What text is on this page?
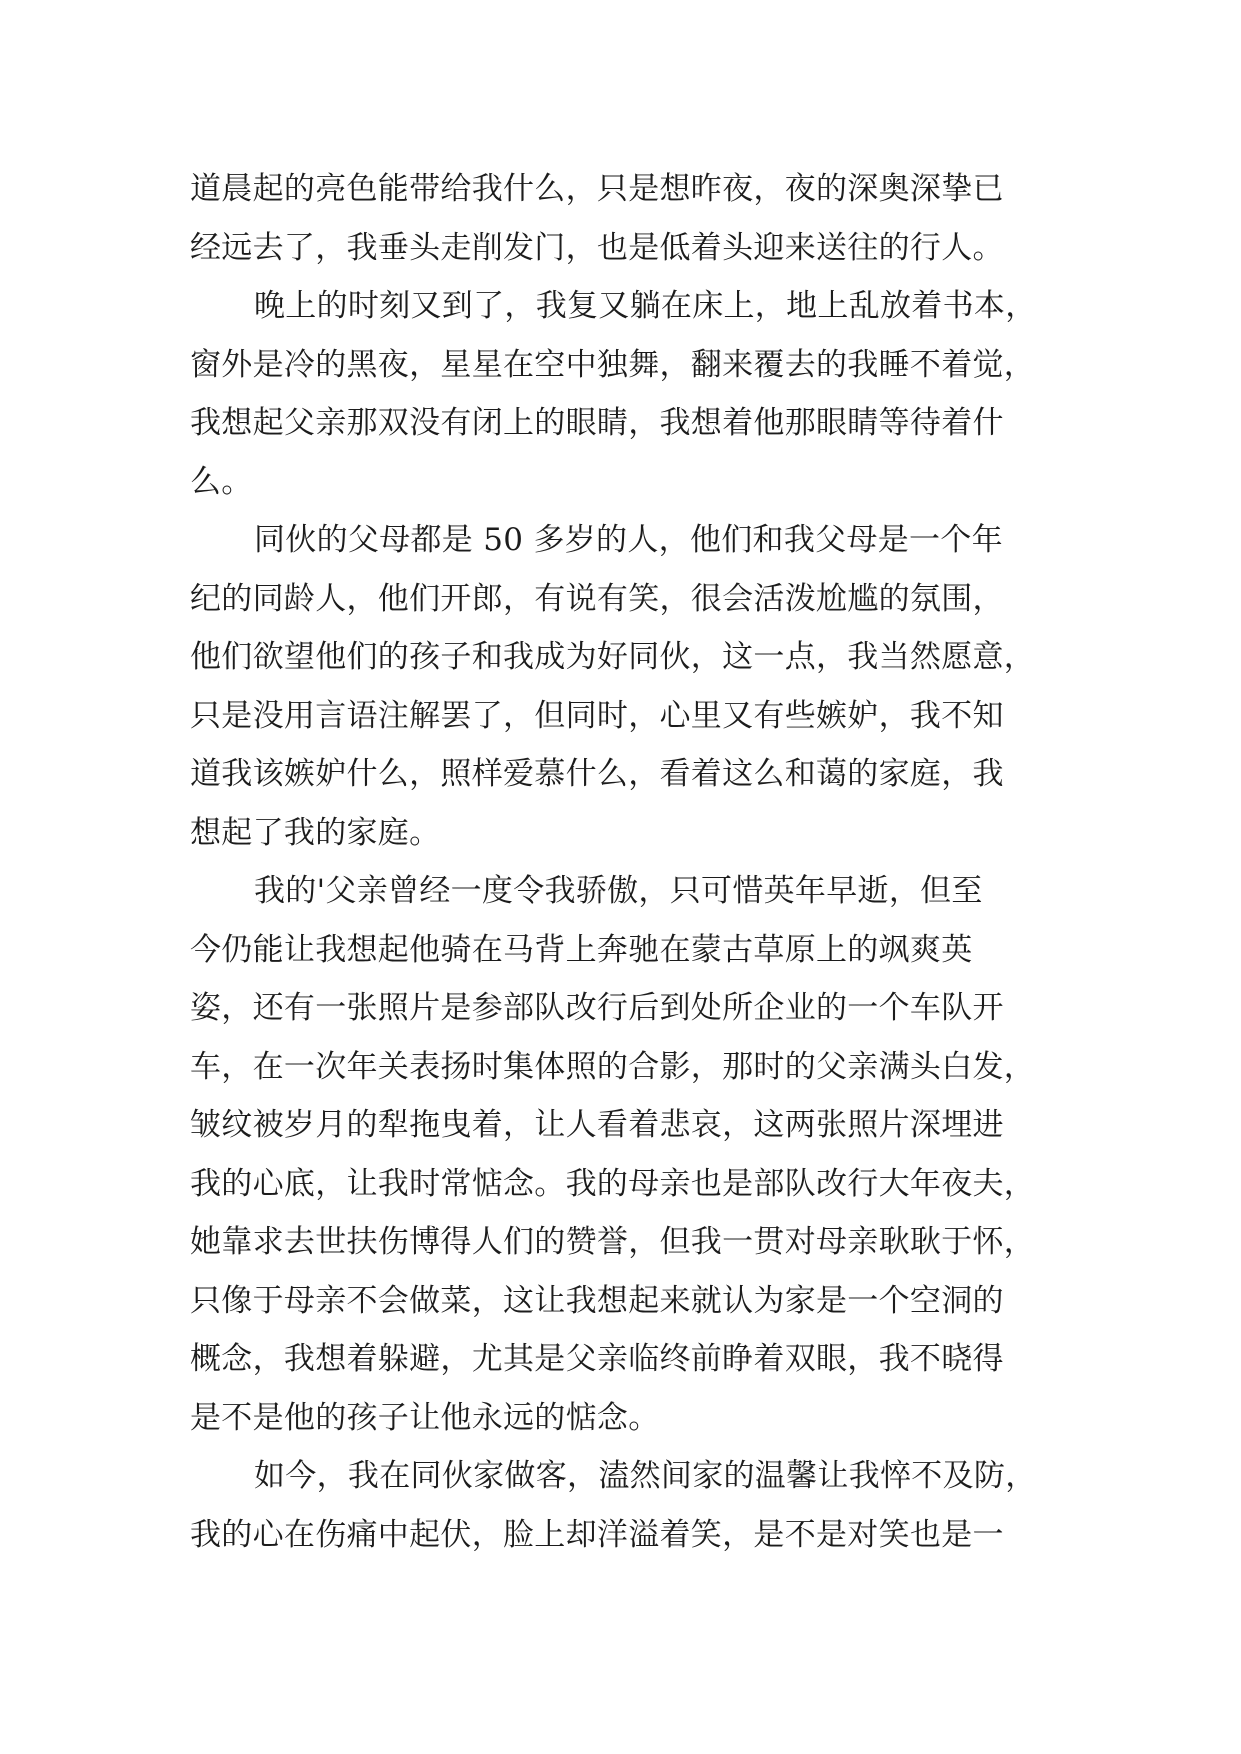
道晨起的亮色能带给我什么，只是想昨夜，夜的深奥深挚已
经远去了，我垂头走削发门，也是低着头迎来送往的行人。
晚上的时刻又到了，我复又躺在床上，地上乱放着书本，
窗外是冷的黑夜，星星在空中独舞，翻来覆去的我睡不着觉，
我想起父亲那双没有闭上的眼睛，我想着他那眼睛等待着什
么。
同伙的父母都是 50 多岁的人，他们和我父母是一个年
纪的同龄人，他们开郎，有说有笑，很会活泼尬尴的氛围，
他们欲望他们的孩子和我成为好同伙，这一点，我当然愿意，
只是没用言语注解罢了，但同时，心里又有些嫉妒，我不知
道我该嫉妒什么，照样爱慕什么，看着这么和蔼的家庭，我
想起了我的家庭。
我的'父亲曾经一度令我骄傲，只可惜英年早逝，但至
今仍能让我想起他骑在马背上奔驰在蒙古草原上的飒爽英
姿，还有一张照片是参部队改行后到处所企业的一个车队开
车，在一次年关表扬时集体照的合影，那时的父亲满头白发，
皱纹被岁月的犁拖曳着，让人看着悲哀，这两张照片深埋进
我的心底，让我时常惦念。我的母亲也是部队改行大年夜夫，
她靠求去世扶伤博得人们的赞誉，但我一贯对母亲耿耿于怀，
只像于母亲不会做菜，这让我想起来就认为家是一个空洞的
概念，我想着躲避，尤其是父亲临终前睁着双眼，我不晓得
是不是他的孩子让他永远的惦念。
如今，我在同伙家做客，溘然间家的温馨让我悴不及防，
我的心在伤痛中起伏，脸上却洋溢着笑，是不是对笑也是一
